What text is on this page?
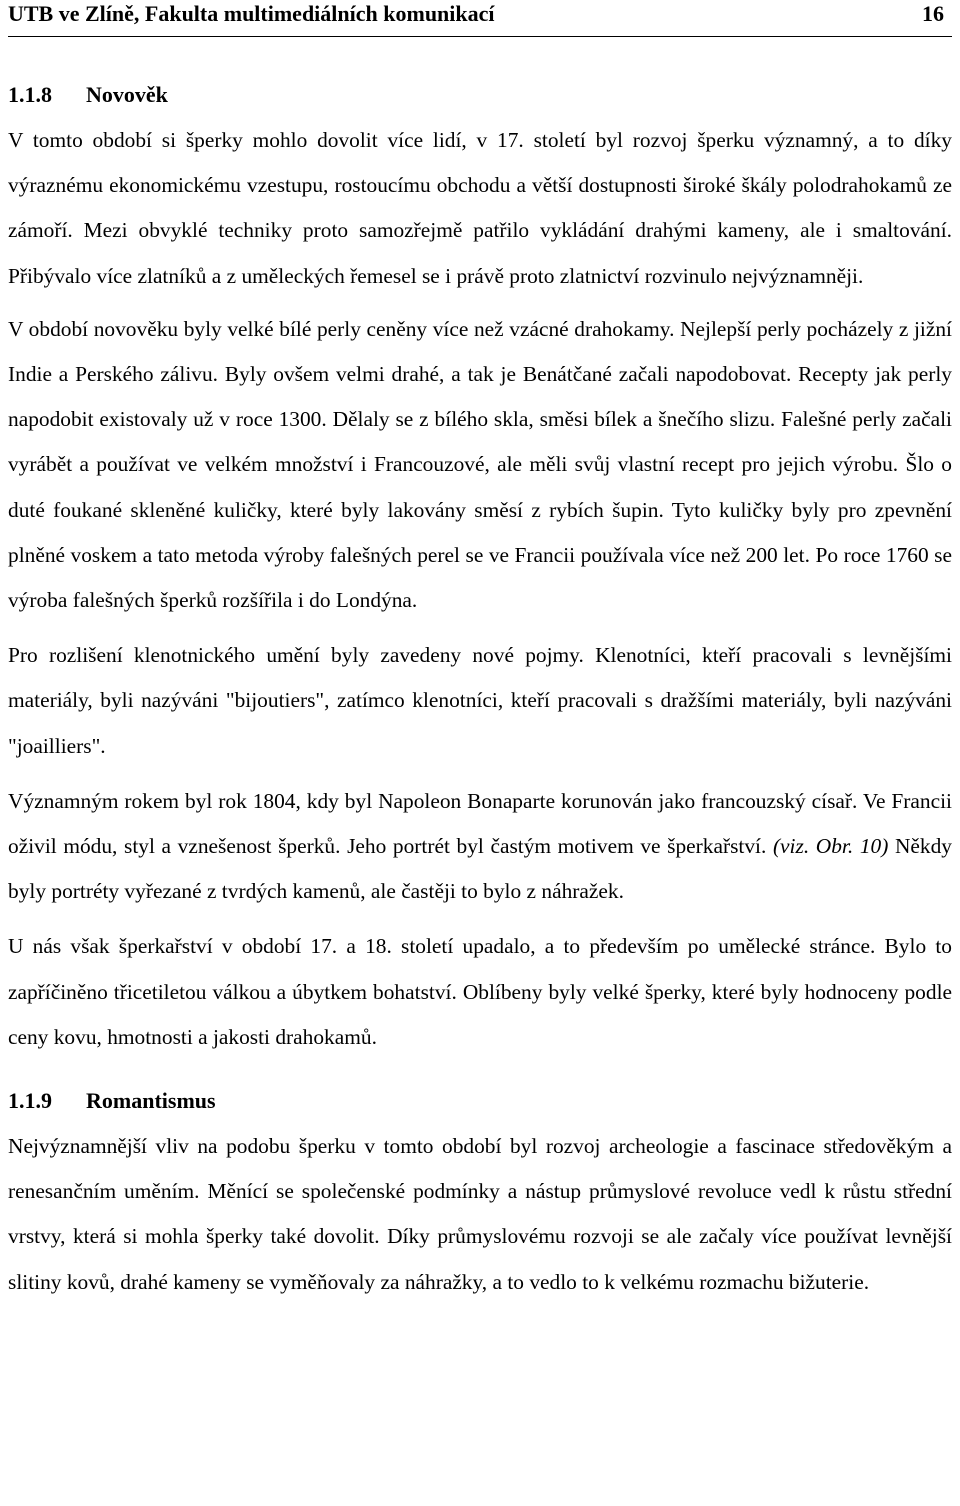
UTB ve Zlíně, Fakulta multimediálních komunikací	16
1.1.8 Novověk

V tomto období si šperky mohlo dovolit více lidí, v 17. století byl rozvoj šperku významný, a to díky výraznému ekonomickému vzestupu, rostoucímu obchodu a větší dostupnosti široké škály polodrahokamů ze zámoří. Mezi obvyklé techniky proto samozřejmě patřilo vykládání drahými kameny, ale i smaltování. Přibývalo více zlatníků a z uměleckých řemesel se i právě proto zlatnictví rozvinulo nejvýznamněji.

V období novověku byly velké bílé perly ceněny více než vzácné drahokamy. Nejlepší perly pocházely z jižní Indie a Perského zálivu. Byly ovšem velmi drahé, a tak je Benátčané začali napodobovat. Recepty jak perly napodobit existovaly už v roce 1300. Dělaly se z bílého skla, směsi bílek a šnečího slizu. Falešné perly začali vyrábět a používat ve velkém množství i Francouzové, ale měli svůj vlastní recept pro jejich výrobu. Šlo o duté foukané skleněné kuličky, které byly lakovány směsí z rybích šupin. Tyto kuličky byly pro zpevnění plněné voskem a tato metoda výroby falešných perel se ve Francii používala více než 200 let. Po roce 1760 se výroba falešných šperků rozšířila i do Londýna.

Pro rozlišení klenotnického umění byly zavedeny nové pojmy. Klenotníci, kteří pracovali s levnějšími materiály, byli nazýváni "bijoutiers", zatímco klenotníci, kteří pracovali s dražšími materiály, byli nazýváni "joailliers".

Významným rokem byl rok 1804, kdy byl Napoleon Bonaparte korunován jako francouzský císař. Ve Francii oživil módu, styl a vznešenost šperků. Jeho portrét byl častým motivem ve šperkařství. (viz. Obr. 10) Někdy byly portréty vyřezané z tvrdých kamenů, ale častěji to bylo z náhražek.

U nás však šperkařství v období 17. a 18. století upadalo, a to především po umělecké stránce. Bylo to zapříčiněno třicetiletou válkou a úbytkem bohatství. Oblíbeny byly velké šperky, které byly hodnoceny podle ceny kovu, hmotnosti a jakosti drahokamů.

1.1.9 Romantismus

Nejvýznamnější vliv na podobu šperku v tomto období byl rozvoj archeologie a fascinace středověkým a renesančním uměním. Měnící se společenské podmínky a nástup průmyslové revoluce vedl k růstu střední vrstvy, která si mohla šperky také dovolit. Díky průmyslovému rozvoji se ale začaly více používat levnější slitiny kovů, drahé kameny se vyměňovaly za náhražky, a to vedlo to k velkému rozmachu bižuterie.
